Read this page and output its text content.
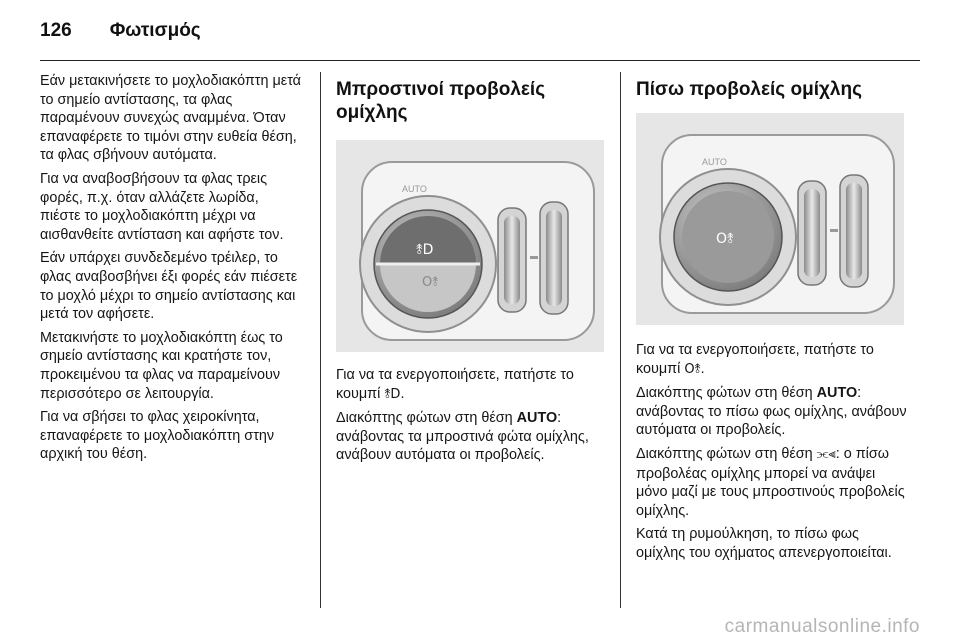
126 Φωτισμός

Εάν μετακινήσετε το μοχλοδιακόπτη μετά το σημείο αντίστασης, τα φλας παραμένουν συνεχώς αναμμένα. Όταν επαναφέρετε το τιμόνι στην ευθεία θέση, τα φλας σβήνουν αυτόματα.

Για να αναβοσβήσουν τα φλας τρεις φορές, π.χ. όταν αλλάζετε λωρίδα, πιέστε το μοχλοδιακόπτη μέχρι να αισθανθείτε αντίσταση και αφήστε τον.

Εάν υπάρχει συνδεδεμένο τρέιλερ, το φλας αναβοσβήνει έξι φορές εάν πιέσετε το μοχλό μέχρι το σημείο αντίστασης και μετά τον αφήσετε.

Μετακινήστε το μοχλοδιακόπτη έως το σημείο αντίστασης και κρατήστε τον, προκειμένου τα φλας να παραμείνουν περισσότερο σε λειτουργία.

Για να σβήσει το φλας χειροκίνητα, επαναφέρετε το μοχλοδιακόπτη στην αρχική του θέση.

Μπροστινοί προβολείς
ομίχλης
⥉D
O⥉
AUTO

Για να τα ενεργοποιήσετε, πατήστε το κουμπί ⥉D.

Διακόπτης φώτων στη θέση AUTO: ανάβοντας τα μπροστινά φώτα ομίχλης, ανάβουν αυτόματα οι προβολείς.

Πίσω προβολείς ομίχλης
O⥉
AUTO

Για να τα ενεργοποιήσετε, πατήστε το κουμπί O⥉.

Διακόπτης φώτων στη θέση AUTO: ανάβοντας το πίσω φως ομίχλης, ανάβουν αυτόματα οι προβολείς.

Διακόπτης φώτων στη θέση ⫘⫷: ο πίσω προβολέας ομίχλης μπορεί να ανάψει μόνο μαζί με τους μπροστινούς προβολείς ομίχλης.

Κατά τη ρυμούλκηση, το πίσω φως ομίχλης του οχήματος απενεργοποιείται.

carmanualsonline.info
